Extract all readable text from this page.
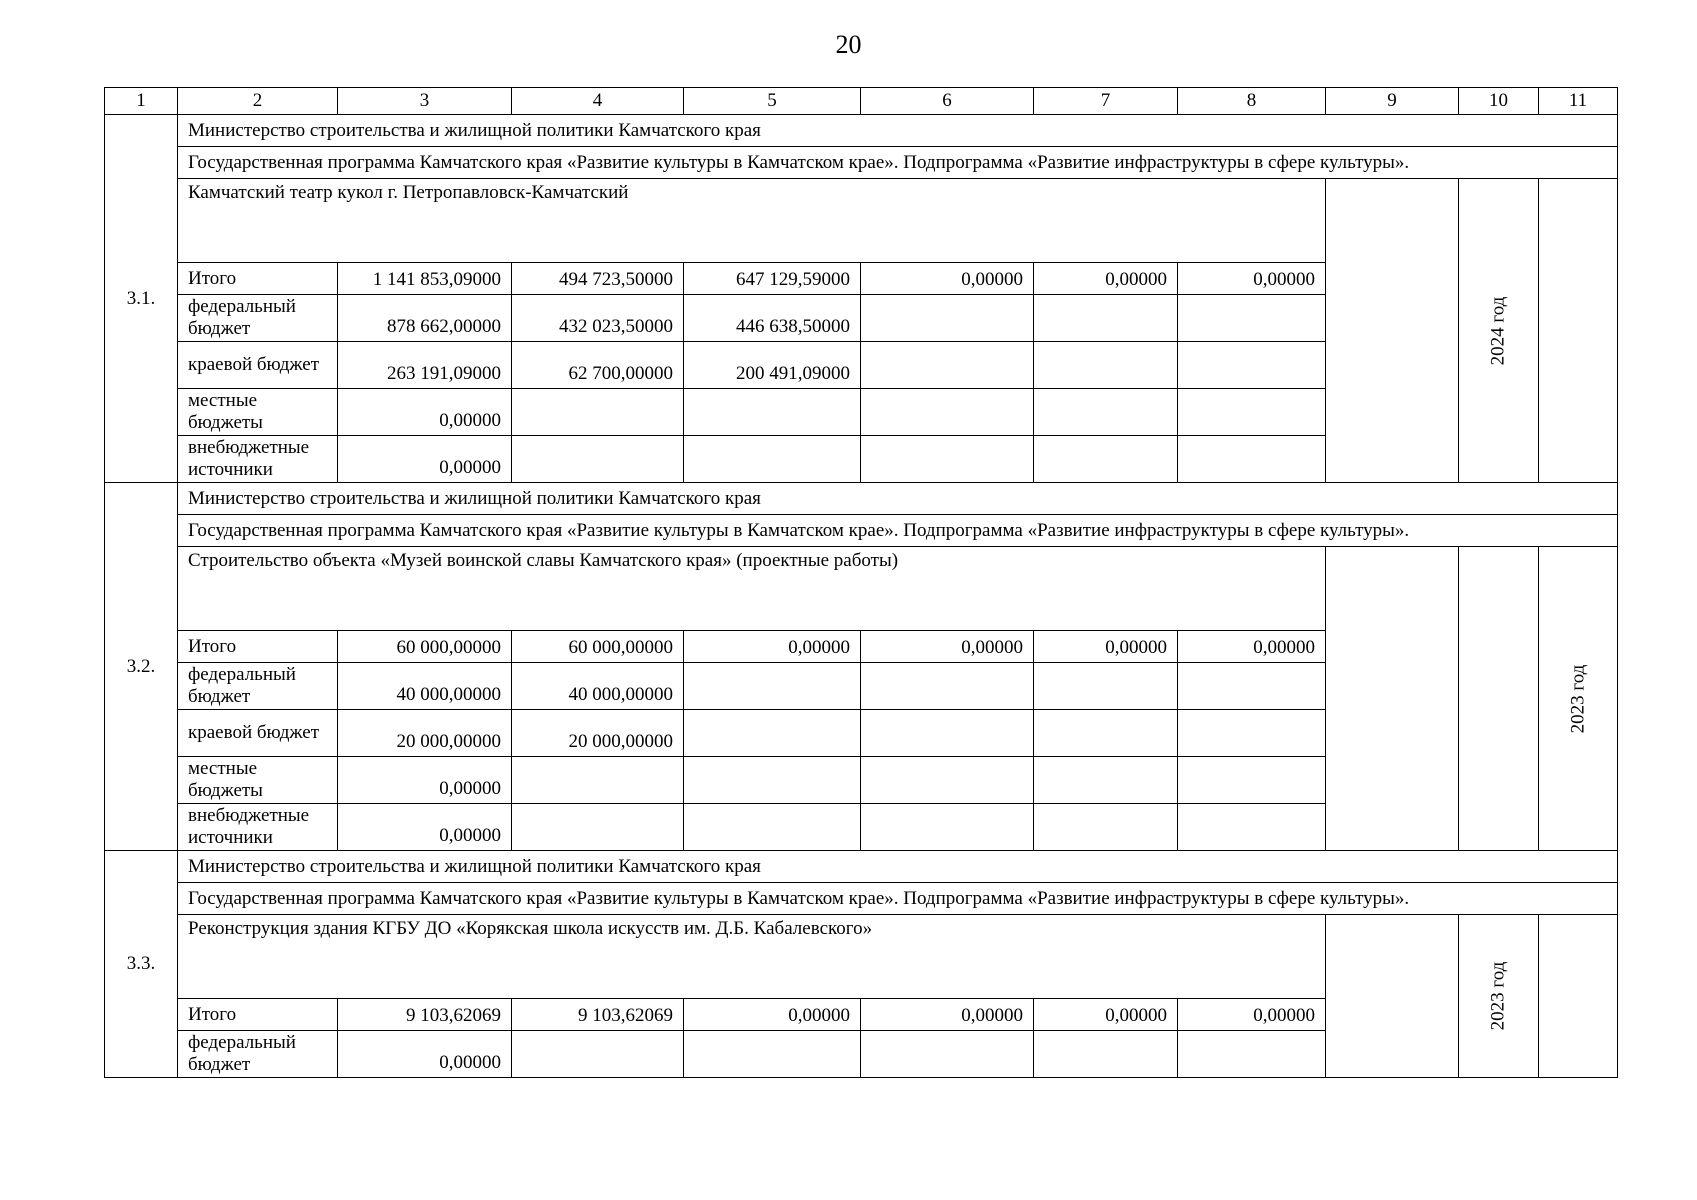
20
1	2	3	4	5	6	7	8	9	10	11
3.1.	Министерство строительства и жилищной политики Камчатского края									
	Государственная программа Камчатского края «Развитие культуры в Камчатском крае». Подпрограмма «Развитие инфраструктуры в сфере культуры».									
	Камчатский театр кукол г. Петропавловск-Камчатский								2024 год	
	Итого	1 141 853,09000	494 723,50000	647 129,59000	0,00000	0,00000	0,00000			
	федеральный бюджет	878 662,00000	432 023,50000	446 638,50000						
	краевой бюджет	263 191,09000	62 700,00000	200 491,09000						
	местные бюджеты	0,00000								
	внебюджетные источники	0,00000								
3.2.	Министерство строительства и жилищной политики Камчатского края									
	Государственная программа Камчатского края «Развитие культуры в Камчатском крае». Подпрограмма «Развитие инфраструктуры в сфере культуры».									
	Строительство объекта «Музей воинской славы Камчатского края» (проектные работы)									2023 год
	Итого	60 000,00000	60 000,00000	0,00000	0,00000	0,00000	0,00000			
	федеральный бюджет	40 000,00000	40 000,00000							
	краевой бюджет	20 000,00000	20 000,00000							
	местные бюджеты	0,00000								
	внебюджетные источники	0,00000								
3.3.	Министерство строительства и жилищной политики Камчатского края									
	Государственная программа Камчатского края «Развитие культуры в Камчатском крае». Подпрограмма «Развитие инфраструктуры в сфере культуры».									
	Реконструкция здания КГБУ ДО «Корякская школа искусств им. Д.Б. Кабалевского»								2023 год	
	Итого	9 103,62069	9 103,62069	0,00000	0,00000	0,00000	0,00000			
	федеральный бюджет	0,00000								
